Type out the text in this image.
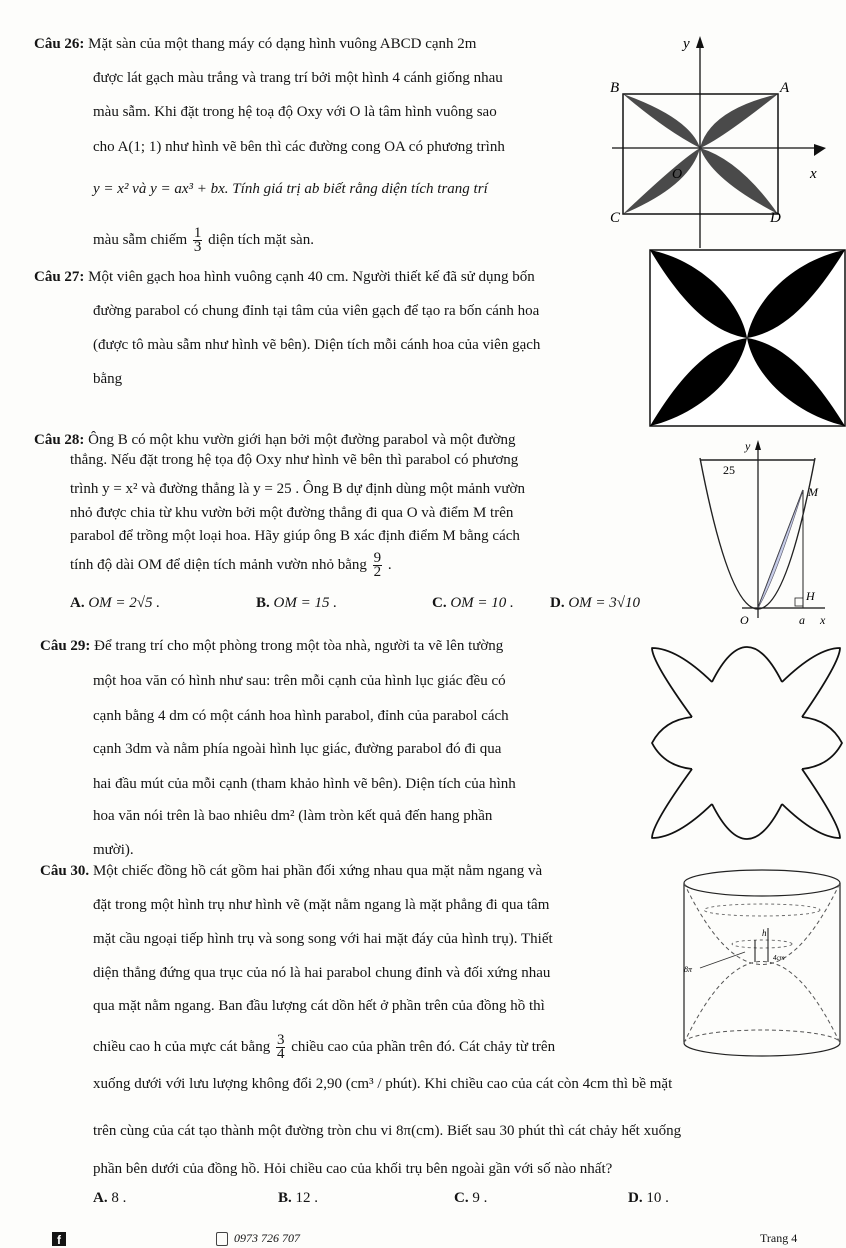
Câu 26: Mặt sàn của một thang máy có dạng hình vuông ABCD cạnh 2m
được lát gạch màu trắng và trang trí bởi một hình 4 cánh giống nhau
màu sẫm. Khi đặt trong hệ toạ độ Oxy với O là tâm hình vuông sao
cho A(1; 1) như hình vẽ bên thì các đường cong OA có phương trình
y = x² và y = ax³ + bx. Tính giá trị ab biết rằng diện tích trang trí
màu sẫm chiếm $\frac{1}{3}$ diện tích mặt sàn.
y
x
O
A
B
C	D
Câu 27: Một viên gạch hoa hình vuông cạnh 40 cm. Người thiết kế đã sử dụng bốn
đường parabol có chung đỉnh tại tâm của viên gạch để tạo ra bốn cánh hoa
(được tô màu sẫm như hình vẽ bên). Diện tích mỗi cánh hoa của viên gạch
bằng
Câu 28: Ông B có một khu vườn giới hạn bởi một đường parabol và một đường
thẳng. Nếu đặt trong hệ tọa độ Oxy như hình vẽ bên thì parabol có phương
trình y = x² và đường thẳng là y = 25 . Ông B dự định dùng một mảnh vườn
nhỏ được chia từ khu vườn bởi một đường thẳng đi qua O và điểm M trên
parabol để trồng một loại hoa. Hãy giúp ông B xác định điểm M bằng cách
tính độ dài OM để diện tích mảnh vườn nhỏ bằng $\frac{9}{2}$ .
A. OM = 2√5 .	B. OM = 15 .	C. OM = 10 . D. OM = 3√10
y
25
M
H
O	a x
Câu 29: Để trang trí cho một phòng trong một tòa nhà, người ta vẽ lên tường
một hoa văn có hình như sau: trên mỗi cạnh của hình lục giác đều có
cạnh bằng 4 dm có một cánh hoa hình parabol, đỉnh của parabol cách
cạnh 3dm và nằm phía ngoài hình lục giác, đường parabol đó đi qua
hai đầu mút của mỗi cạnh (tham khảo hình vẽ bên). Diện tích của hình
hoa văn nói trên là bao nhiêu dm² (làm tròn kết quả đến hang phần
mười).
Câu 30. Một chiếc đồng hồ cát gồm hai phần đối xứng nhau qua mặt nằm ngang và
đặt trong một hình trụ như hình vẽ (mặt nằm ngang là mặt phẳng đi qua tâm
mặt cầu ngoại tiếp hình trụ và song song với hai mặt đáy của hình trụ). Thiết
diện thẳng đứng qua trục của nó là hai parabol chung đỉnh và đối xứng nhau
qua mặt nằm ngang. Ban đầu lượng cát dồn hết ở phần trên của đồng hồ thì
chiều cao h của mực cát bằng $\frac{3}{4}$ chiều cao của phần trên đó. Cát chảy từ trên
xuống dưới với lưu lượng không đổi 2,90 (cm³ / phút). Khi chiều cao của cát còn 4cm thì bề mặt
trên cùng của cát tạo thành một đường tròn chu vi 8π(cm). Biết sau 30 phút thì cát chảy hết xuống
phần bên dưới của đồng hồ. Hỏi chiều cao của khối trụ bên ngoài gần với số nào nhất?
A. 8 .	B. 12 .	C. 9 .	D. 10 .
h
8π
4cm
f	0973 726 707	Trang 4
